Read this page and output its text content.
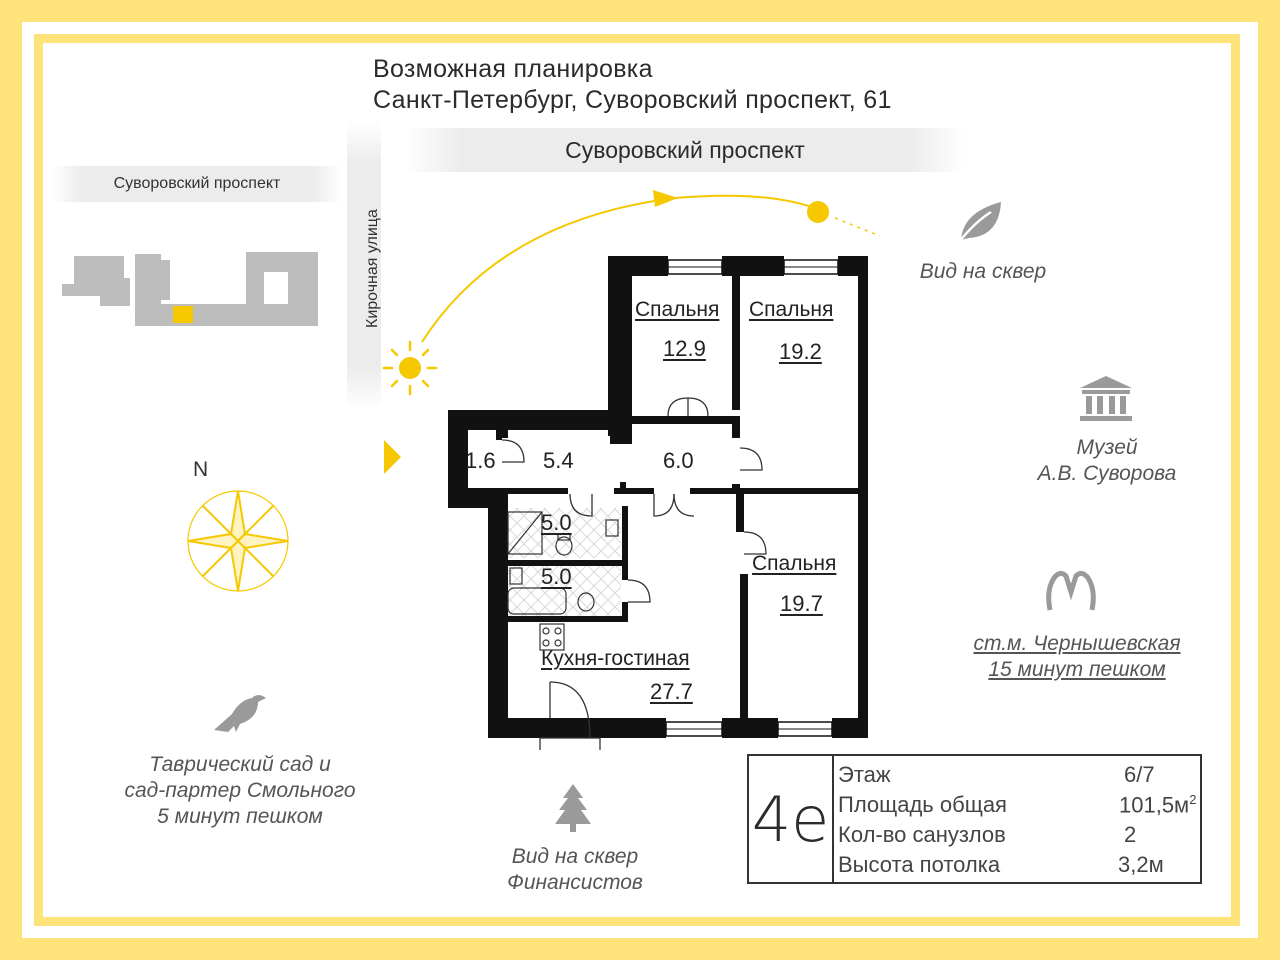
Возможная планировка
Санкт-Петербург, Суворовский проспект, 61
Суворовский проспект
Суворовский проспект
Кирочная улица
N
Спальня
12.9
Спальня
19.2
1.6 5.4	6.0
5.0
5.0
Спальня
19.7
Кухня-гостиная
27.7
Вид на сквер
Музей
А.В. Суворова
ст.м. Чернышевская
15 минут пешком
Таврический сад и
сад-партер Смольного
5 минут пешком
Вид на сквер
Финансистов
4е
Этаж	6/7
Площадь общая	$101,5м^2$
Кол-во санузлов	2
Высота потолка	3,2м
